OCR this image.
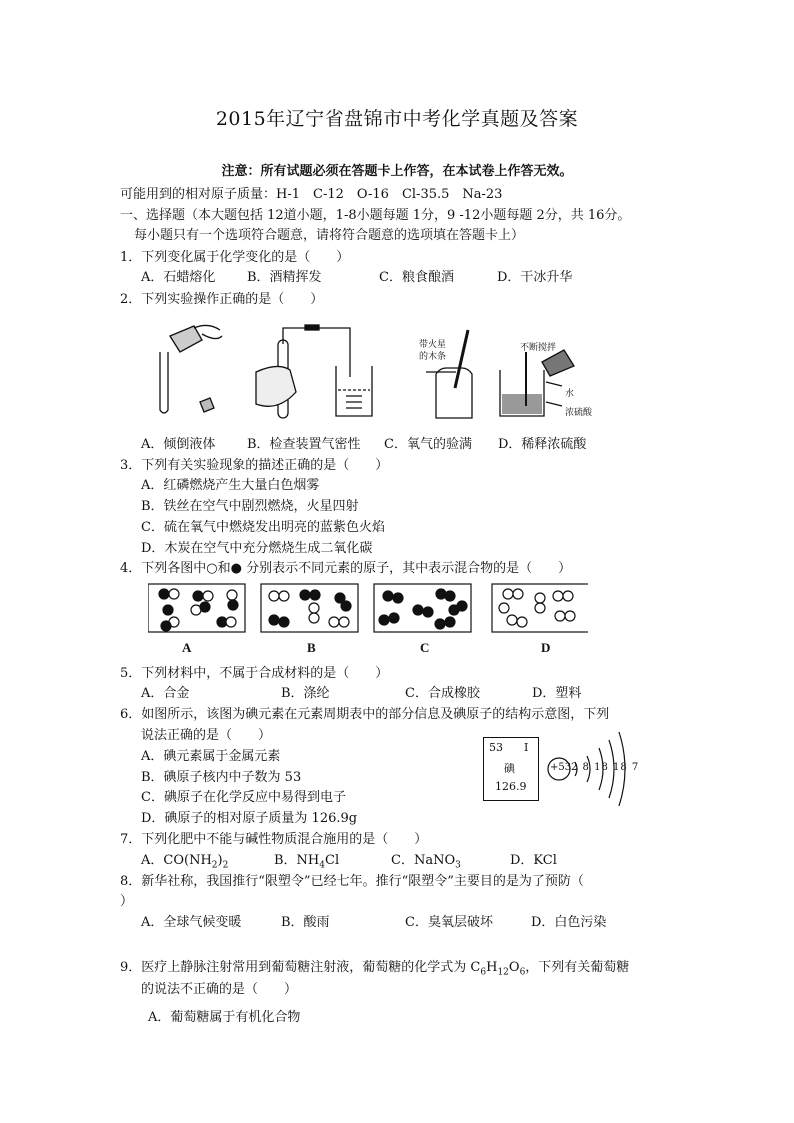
2015年辽宁省盘锦市中考化学真题及答案
注意：所有试题必须在答题卡上作答，在本试卷上作答无效。
可能用到的相对原子质量：H-1　C-12　O-16　Cl-35.5　Na-23
一、选择题（本大题包括 12道小题，1-8小题每题 1分，9 -12小题每题 2分，共 16分。
每小题只有一个选项符合题意，请将符合题意的选项填在答题卡上）
1．下列变化属于化学变化的是（　　）
A．石蜡熔化 B．酒精挥发	C．粮食酿酒	D．干冰升华
2．下列实验操作正确的是（　　）
带火星
的木条
不断搅拌
水
浓硫酸
A．倾倒液体 B．检查装置气密性 C．氧气的验满 D．稀释浓硫酸
3．下列有关实验现象的描述正确的是（　　）
A．红磷燃烧产生大量白色烟雾
B．铁丝在空气中剧烈燃烧，火星四射
C．硫在氧气中燃烧发出明亮的蓝紫色火焰
D．木炭在空气中充分燃烧生成二氧化碳
4．下列各图中○和● 分别表示不同元素的原子，其中表示混合物的是（　　）
A	B	C	D
5．下列材料中，不属于合成材料的是（　　）
A．合金	B．涤纶	C．合成橡胶	D．塑料
6．如图所示，该图为碘元素在元素周期表中的部分信息及碘原子的结构示意图，下列
说法正确的是（　　）
A．碘元素属于金属元素
B．碘原子核内中子数为 53
C．碘原子在化学反应中易得到电子
D．碘原子的相对原子质量为 126.9g
53 I
碘
126.9
+53 2 8 18 18 7
7．下列化肥中不能与碱性物质混合施用的是（　　）
A．$CO(NH_2)_2$	B．$NH_4Cl$	C．NaNO$_3$	D．KCl
8．新华社称，我国推行“限塑令”已经七年。推行“限塑令”主要目的是为了预防（
）
A．全球气候变暖	B．酸雨	C．臭氧层破坏	D．白色污染
9．医疗上静脉注射常用到葡萄糖注射液，葡萄糖的化学式为 $C_6H_{12}O_6$，下列有关葡萄糖
的说法不正确的是（　　）
A．葡萄糖属于有机化合物
